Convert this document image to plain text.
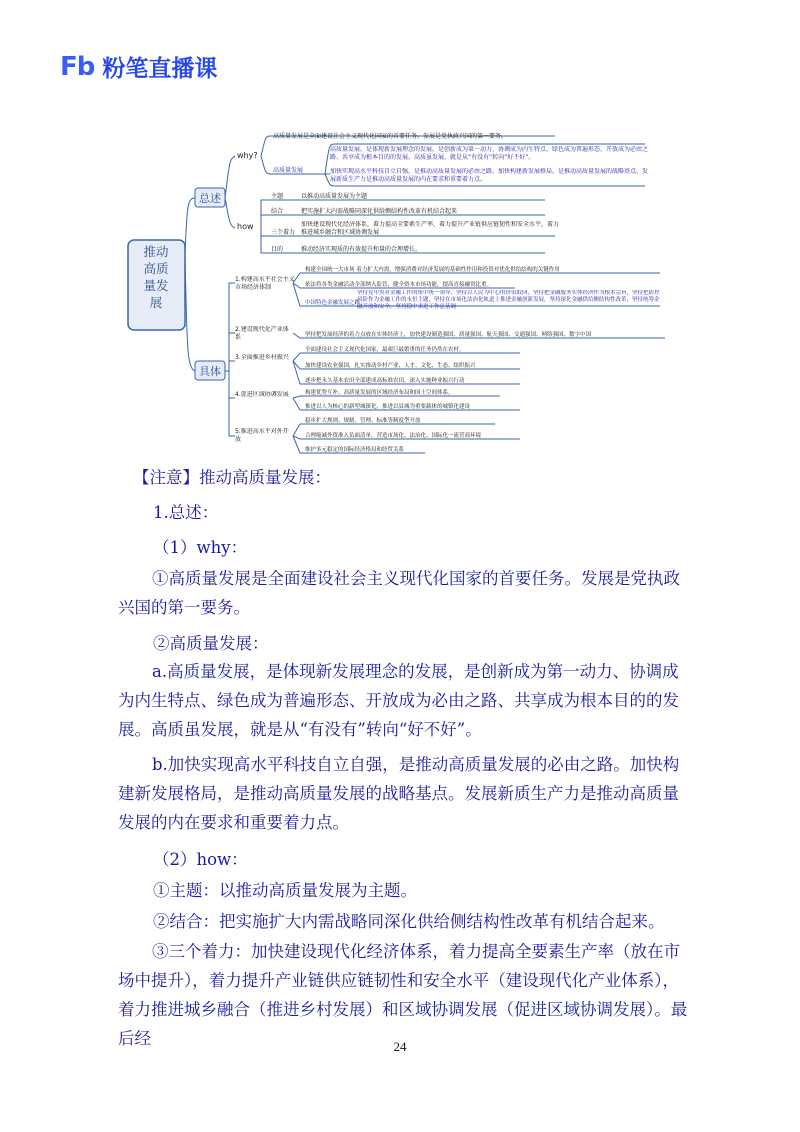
Fb 粉笔直播课
推动高质量发展
总述
具体
why?
how
高质量发展是全面建设社会主义现代化国家的首要任务。发展是党执政兴国的第一要务。
高质量发展
高质量发展，是体现新发展理念的发展，是创新成为第一动力、协调成为内生特点、绿色成为普遍形态、开放成为必由之路、共享成为根本目的的发展。高质虽发展，就是从“有没有”转向“好不好”。
加快实现高水平科技自立自强，是推动高质量发展的必由之路。加快构建新发展格局，是推动高质量发展的战略基点，发展新质生产力是推动高质量发展的内在要求和重要着力点。
主题	以推动高质量发展为主题
结合	把实施扩大内需战略同深化供给侧结构性改革有机结合起来
三个着力
加快建设现代化经济体系，着力提高全要素生产率，着力提升产业链供应链韧性和安全水平，着力推进城乡融合和区域协调发展
目的	推动经济实现质的有效提升和量的合理增长。
1.构建高水平社会主义市场经济体制
2.建设现代化产业体系
3.全面推进乡村振兴
4.促进区域协调发展
5.推进高水平对外开放
构建全国统一大市场 着力扩大内需，增强消费对经济发展的基础性作用和投资对优化供给结构的关键作用
依法将各类金融活动全部纳入监管，健全资本市场功能，提高直接融资比重。
中国特色金融发展之路
坚持党中央对金融工作的集中统一领导，坚持以人民为中心的价值取向，坚持把金融服务实体经济作为根本宗旨，坚持把防控风险作为金融工作的永恒主题，坚持在市场化法治化轨道上推进金融创新发展，坚持深化金融供给侧结构性改革，坚持统筹金融开放和安全，坚持稳中求进工作总基调
坚持把发展经济的着力点放在实体经济上，加快建设制造强国、质量强国、航天强国、交通强国、网络强国、数字中国
全面建设社会主义现代化国家，最艰巨最繁重的任务仍然在农村。
加快建设农业强国，扎实推动乡村产业、人才、文化、生态、组织振兴
逐步把永久基本农田全部建成高标准农田，深入实施种业振兴行动
构建优势互补、高质量发展的区域经济布局和国土空间体系。
推进以人为核心的新型城镇化，推进以县城为重要载体的城镇化建设
稳步扩大规则、规制、管理、标准等制度型开放
合理缩减外资准入负面清单，营造市场化、法治化、国际化一流营商环境
维护多元稳定的国际经济格局和经贸关系
【注意】推动高质量发展：
1.总述：
（1）why：
①高质量发展是全面建设社会主义现代化国家的首要任务。发展是党执政兴国的第一要务。
②高质量发展：
a.高质量发展，是体现新发展理念的发展，是创新成为第一动力、协调成为内生特点、绿色成为普遍形态、开放成为必由之路、共享成为根本目的的发展。高质虽发展，就是从“有没有”转向“好不好”。
b.加快实现高水平科技自立自强，是推动高质量发展的必由之路。加快构建新发展格局，是推动高质量发展的战略基点。发展新质生产力是推动高质量发展的内在要求和重要着力点。
（2）how：
①主题：以推动高质量发展为主题。
②结合：把实施扩大内需战略同深化供给侧结构性改革有机结合起来。
③三个着力：加快建设现代化经济体系，着力提高全要素生产率（放在市场中提升），着力提升产业链供应链韧性和安全水平（建设现代化产业体系），着力推进城乡融合（推进乡村发展）和区域协调发展（促进区域协调发展）。最后经	24
